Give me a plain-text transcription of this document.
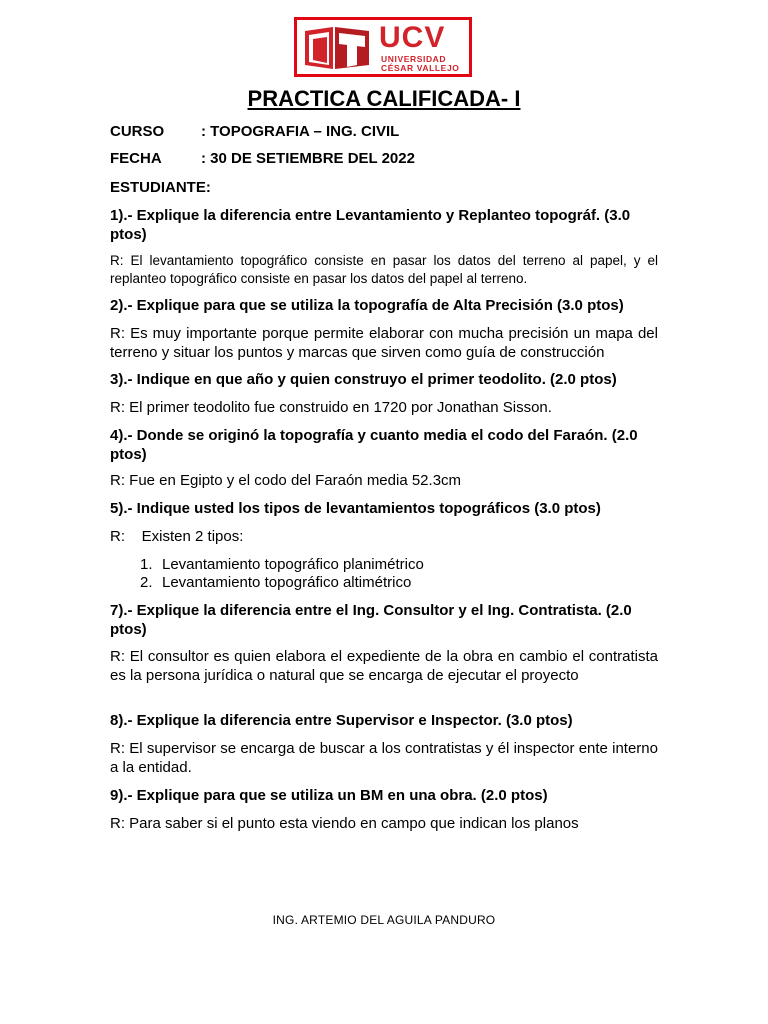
UCV
UNIVERSIDAD
CÉSAR VALLEJO
PRACTICA CALIFICADA- I
CURSO : TOPOGRAFIA – ING. CIVIL
FECHA	: 30 DE SETIEMBRE DEL 2022
ESTUDIANTE:
1).- Explique la diferencia entre Levantamiento y Replanteo topográf. (3.0 ptos)
R: El levantamiento topográfico consiste en pasar los datos del terreno al papel, y el replanteo topográfico consiste en pasar los datos del papel al terreno.
2).- Explique para que se utiliza la topografía de Alta Precisión (3.0 ptos)
R: Es muy importante porque permite elaborar con mucha precisión un mapa del terreno y situar los puntos y marcas que sirven como guía de construcción
3).- Indique en que año y quien construyo el primer teodolito. (2.0 ptos)
R: El primer teodolito fue construido en 1720 por Jonathan Sisson.
4).- Donde se originó la topografía y cuanto media el codo del Faraón. (2.0 ptos)
R: Fue en Egipto y el codo del Faraón media 52.3cm
5).- Indique usted los tipos de levantamientos topográficos (3.0 ptos)
R:    Existen 2 tipos:
1. Levantamiento topográfico planimétrico
2. Levantamiento topográfico altimétrico
7).- Explique la diferencia entre el Ing. Consultor y el Ing. Contratista. (2.0 ptos)
R: El consultor es quien elabora el expediente de la obra en cambio el contratista es la persona jurídica o natural que se encarga de ejecutar el proyecto
8).- Explique la diferencia entre Supervisor e Inspector. (3.0 ptos)
R: El supervisor se encarga de buscar a los contratistas y él inspector ente interno a la entidad.
9).- Explique para que se utiliza un BM en una obra. (2.0 ptos)
R: Para saber si el punto esta viendo en campo que indican los planos
ING. ARTEMIO DEL AGUILA PANDURO
